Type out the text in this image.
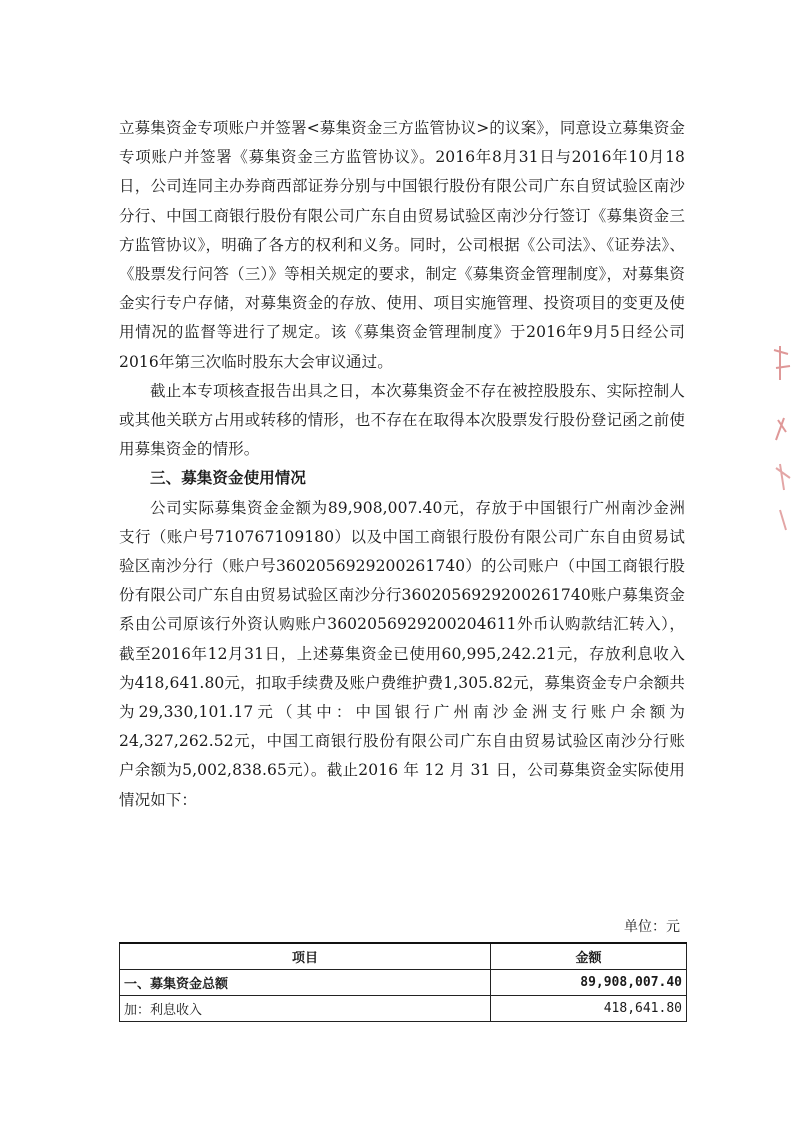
立募集资金专项账户并签署<募集资金三方监管协议>的议案》，同意设立募集资金专项账户并签署《募集资金三方监管协议》。2016年8月31日与2016年10月18日，公司连同主办券商西部证券分别与中国银行股份有限公司广东自贸试验区南沙分行、中国工商银行股份有限公司广东自由贸易试验区南沙分行签订《募集资金三方监管协议》，明确了各方的权利和义务。同时，公司根据《公司法》、《证券法》、《股票发行问答（三）》等相关规定的要求，制定《募集资金管理制度》，对募集资金实行专户存储，对募集资金的存放、使用、项目实施管理、投资项目的变更及使用情况的监督等进行了规定。该《募集资金管理制度》于2016年9月5日经公司2016年第三次临时股东大会审议通过。

截止本专项核查报告出具之日，本次募集资金不存在被控股股东、实际控制人或其他关联方占用或转移的情形，也不存在在取得本次股票发行股份登记函之前使用募集资金的情形。

三、募集资金使用情况

公司实际募集资金金额为89,908,007.40元，存放于中国银行广州南沙金洲支行（账户号710767109180）以及中国工商银行股份有限公司广东自由贸易试验区南沙分行（账户号3602056929200261740）的公司账户（中国工商银行股份有限公司广东自由贸易试验区南沙分行3602056929200261740账户募集资金系由公司原该行外资认购账户3602056929200204611外币认购款结汇转入），截至2016年12月31日，上述募集资金已使用60,995,242.21元，存放利息收入为418,641.80元，扣取手续费及账户费维护费1,305.82元，募集资金专户余额共为29,330,101.17元（其中：中国银行广州南沙金洲支行账户余额为24,327,262.52元，中国工商银行股份有限公司广东自由贸易试验区南沙分行账户余额为5,002,838.65元）。截止2016 年 12 月 31 日，公司募集资金实际使用情况如下：

单位：元
项目	金额
一、募集资金总额	89,908,007.40
加：利息收入	418,641.80
